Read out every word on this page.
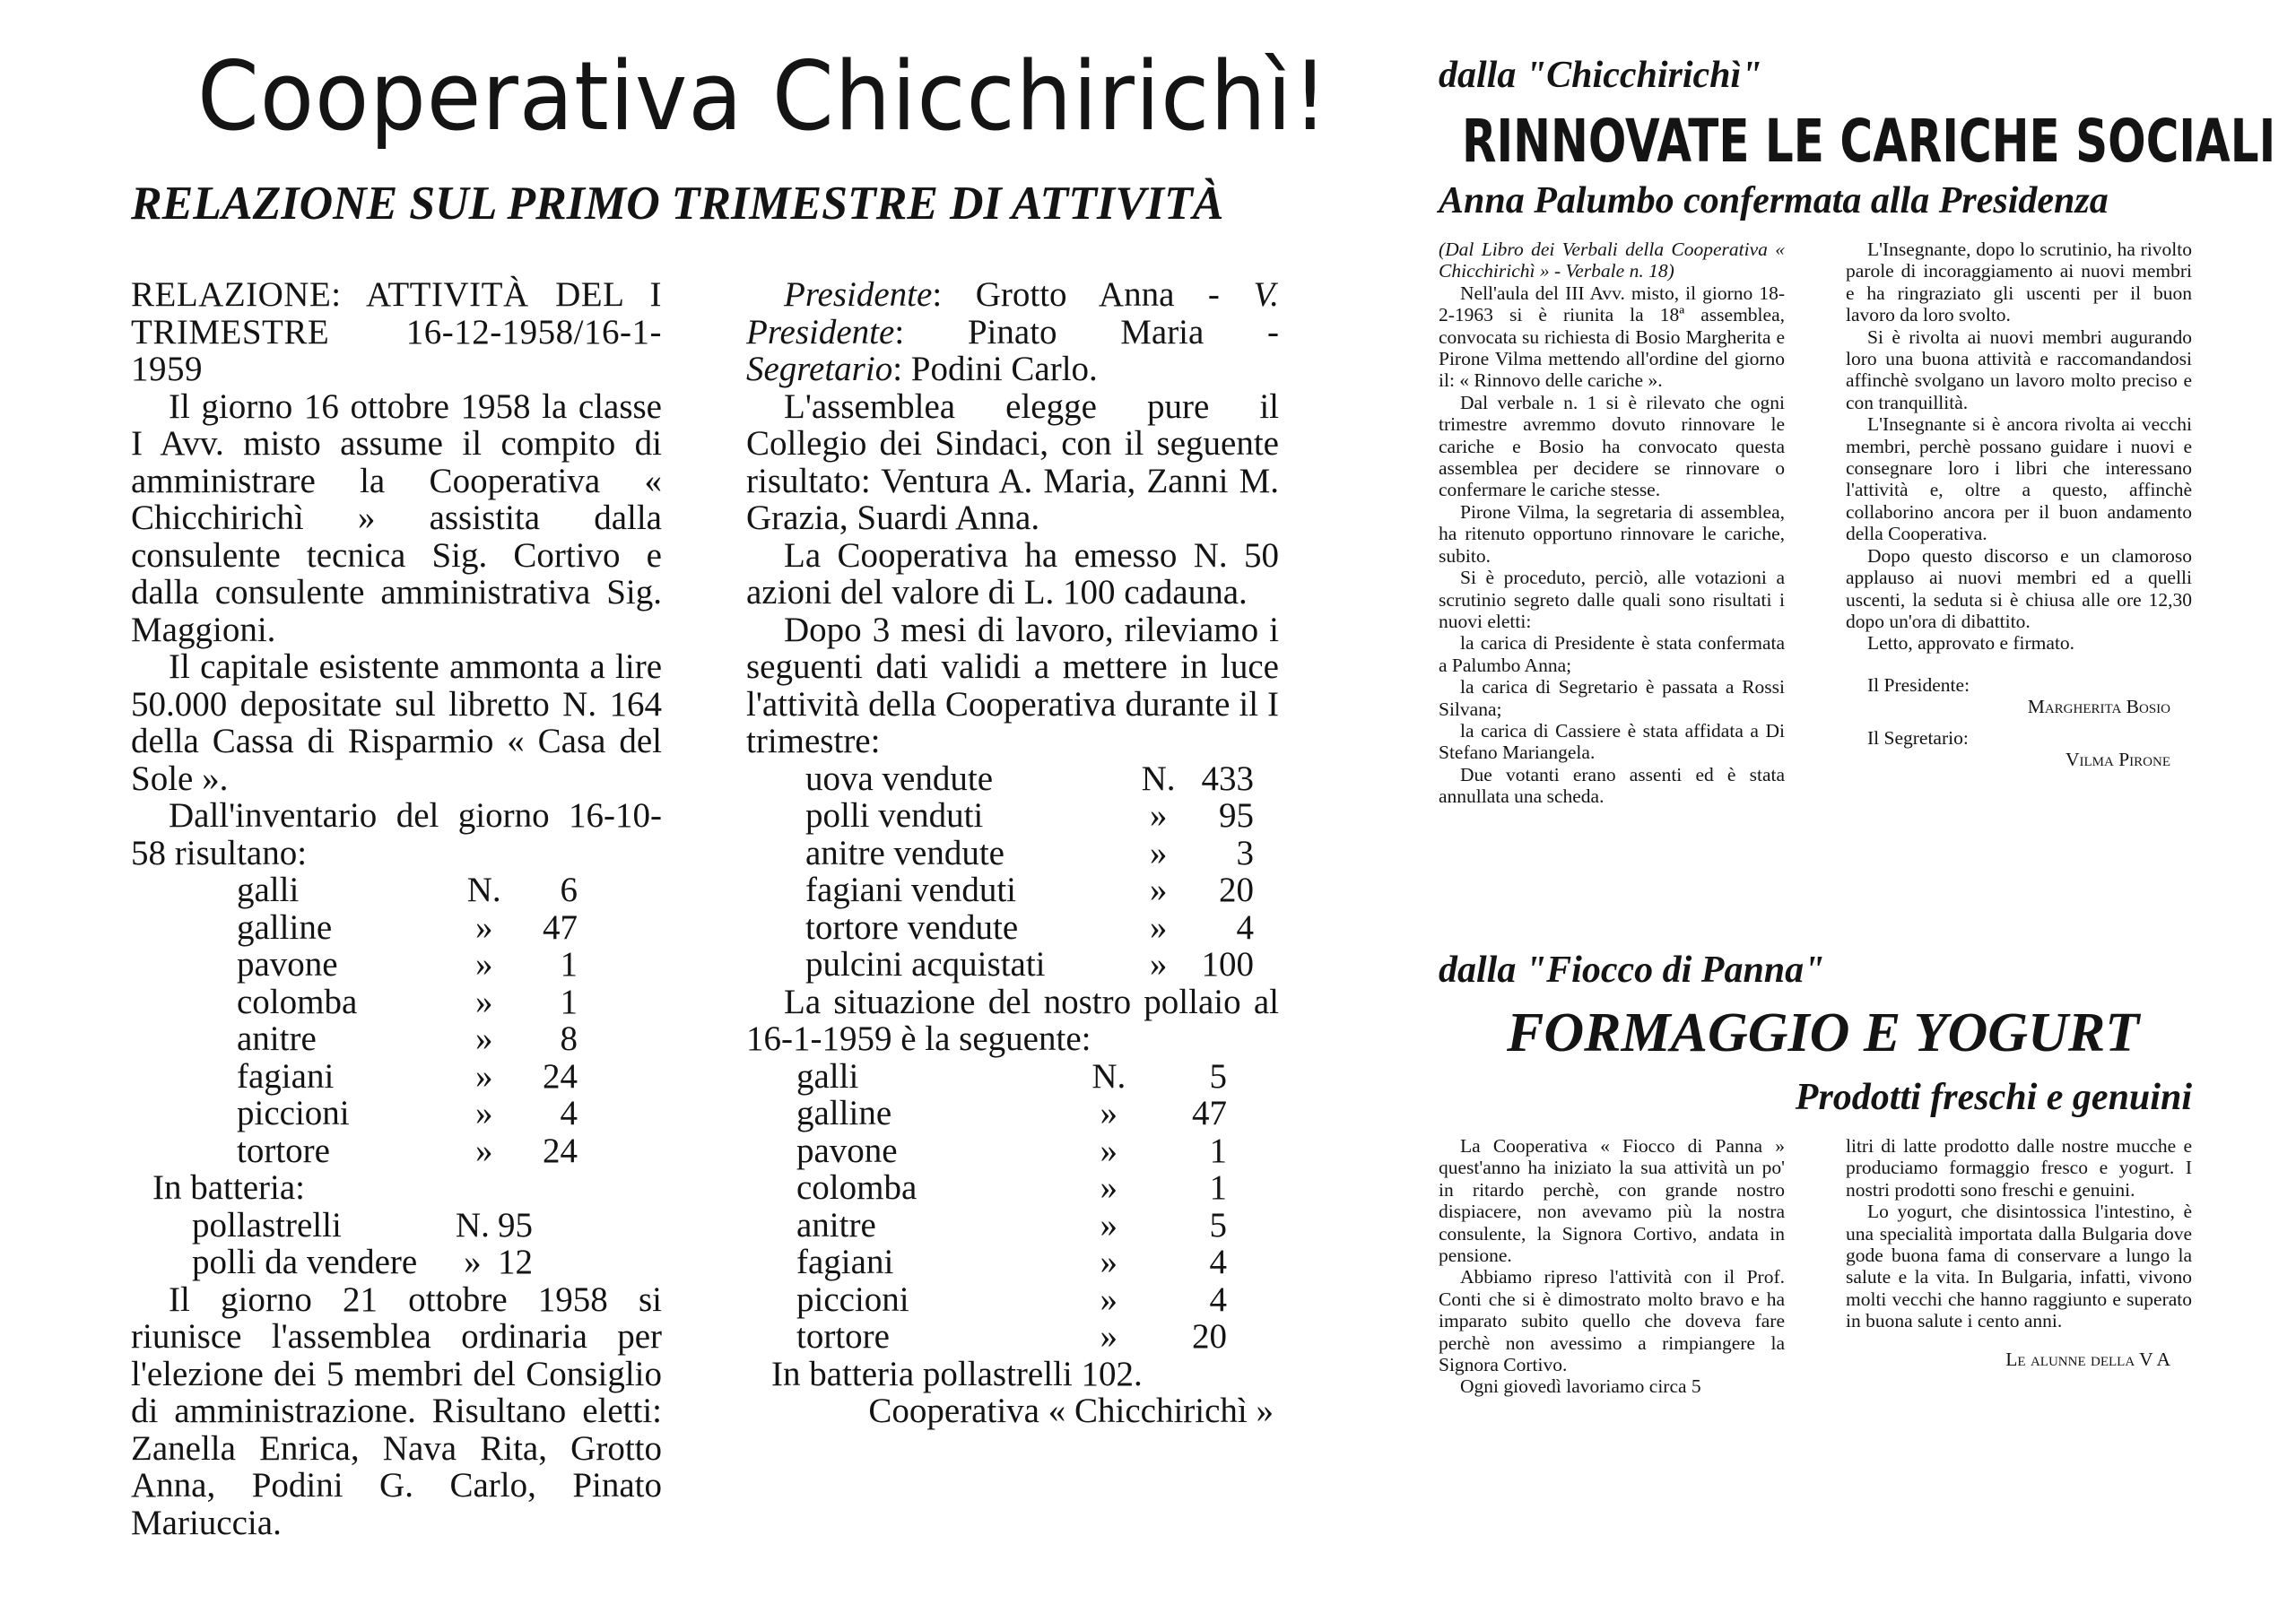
Cooperativa Chicchirichì!
RELAZIONE SUL PRIMO TRIMESTRE DI ATTIVITÀ

RELAZIONE: ATTIVITÀ DEL I TRIMESTRE 16-12-1958/16-1-1959

Il giorno 16 ottobre 1958 la classe I Avv. misto assume il compito di amministrare la Cooperativa « Chicchirichì » assistita dalla consulente tecnica Sig. Cortivo e dalla consulente amministrativa Sig. Maggioni.

Il capitale esistente ammonta a lire 50.000 depositate sul libretto N. 164 della Cassa di Risparmio « Casa del Sole ».

Dall'inventario del giorno 16-10-58 risultano:

galli	N.	6
galline	»	47
pavone	»	1
colomba	»	1
anitre	»	8
fagiani	»	24
piccioni	»	4
tortore	»	24

In batteria:

pollastrelli	N.	95
polli da vendere	»	12

Il giorno 21 ottobre 1958 si riunisce l'assemblea ordinaria per l'elezione dei 5 membri del Consiglio di amministrazione. Risultano eletti: Zanella Enrica, Nava Rita, Grotto Anna, Podini G. Carlo, Pinato Mariuccia.

Presidente: Grotto Anna - V. Presidente: Pinato Maria - Segretario: Podini Carlo.

L'assemblea elegge pure il Collegio dei Sindaci, con il seguente risultato: Ventura A. Maria, Zanni M. Grazia, Suardi Anna.

La Cooperativa ha emesso N. 50 azioni del valore di L. 100 cadauna.

Dopo 3 mesi di lavoro, rileviamo i seguenti dati validi a mettere in luce l'attività della Cooperativa durante il I trimestre:

uova vendute	N.	433
polli venduti	»	95
anitre vendute	»	3
fagiani venduti	»	20
tortore vendute	»	4
pulcini acquistati	»	100

La situazione del nostro pollaio al 16-1-1959 è la seguente:

galli	N.	5
galline	»	47
pavone	»	1
colomba	»	1
anitre	»	5
fagiani	»	4
piccioni	»	4
tortore	»	20

In batteria pollastrelli 102.

Cooperativa « Chicchirichì »

dalla "Chicchirichì"
RINNOVATE LE CARICHE SOCIALI
Anna Palumbo confermata alla Presidenza

(Dal Libro dei Verbali della Cooperativa « Chicchirichì » - Verbale n. 18)

Nell'aula del III Avv. misto, il giorno 18-2-1963 si è riunita la 18ª assemblea, convocata su richiesta di Bosio Margherita e Pirone Vilma mettendo all'ordine del giorno il: « Rinnovo delle cariche ».

Dal verbale n. 1 si è rilevato che ogni trimestre avremmo dovuto rinnovare le cariche e Bosio ha convocato questa assemblea per decidere se rinnovare o confermare le cariche stesse.

Pirone Vilma, la segretaria di assemblea, ha ritenuto opportuno rinnovare le cariche, subito.

Si è proceduto, perciò, alle votazioni a scrutinio segreto dalle quali sono risultati i nuovi eletti:

la carica di Presidente è stata confermata a Palumbo Anna;

la carica di Segretario è passata a Rossi Silvana;

la carica di Cassiere è stata affidata a Di Stefano Mariangela.

Due votanti erano assenti ed è stata annullata una scheda.

L'Insegnante, dopo lo scrutinio, ha rivolto parole di incoraggiamento ai nuovi membri e ha ringraziato gli uscenti per il buon lavoro da loro svolto.

Si è rivolta ai nuovi membri augurando loro una buona attività e raccomandandosi affinchè svolgano un lavoro molto preciso e con tranquillità.

L'Insegnante si è ancora rivolta ai vecchi membri, perchè possano guidare i nuovi e consegnare loro i libri che interessano l'attività e, oltre a questo, affinchè collaborino ancora per il buon andamento della Cooperativa.

Dopo questo discorso e un clamoroso applauso ai nuovi membri ed a quelli uscenti, la seduta si è chiusa alle ore 12,30 dopo un'ora di dibattito.

Letto, approvato e firmato.

Il Presidente:

Margherita Bosio

Il Segretario:

Vilma Pirone

dalla "Fiocco di Panna"
FORMAGGIO E YOGURT
Prodotti freschi e genuini

La Cooperativa « Fiocco di Panna » quest'anno ha iniziato la sua attività un po' in ritardo perchè, con grande nostro dispiacere, non avevamo più la nostra consulente, la Signora Cortivo, andata in pensione.

Abbiamo ripreso l'attività con il Prof. Conti che si è dimostrato molto bravo e ha imparato subito quello che doveva fare perchè non avessimo a rimpiangere la Signora Cortivo.

Ogni giovedì lavoriamo circa 5

litri di latte prodotto dalle nostre mucche e produciamo formaggio fresco e yogurt. I nostri prodotti sono freschi e genuini.

Lo yogurt, che disintossica l'intestino, è una specialità importata dalla Bulgaria dove gode buona fama di conservare a lungo la salute e la vita. In Bulgaria, infatti, vivono molti vecchi che hanno raggiunto e superato in buona salute i cento anni.

Le alunne della V A
